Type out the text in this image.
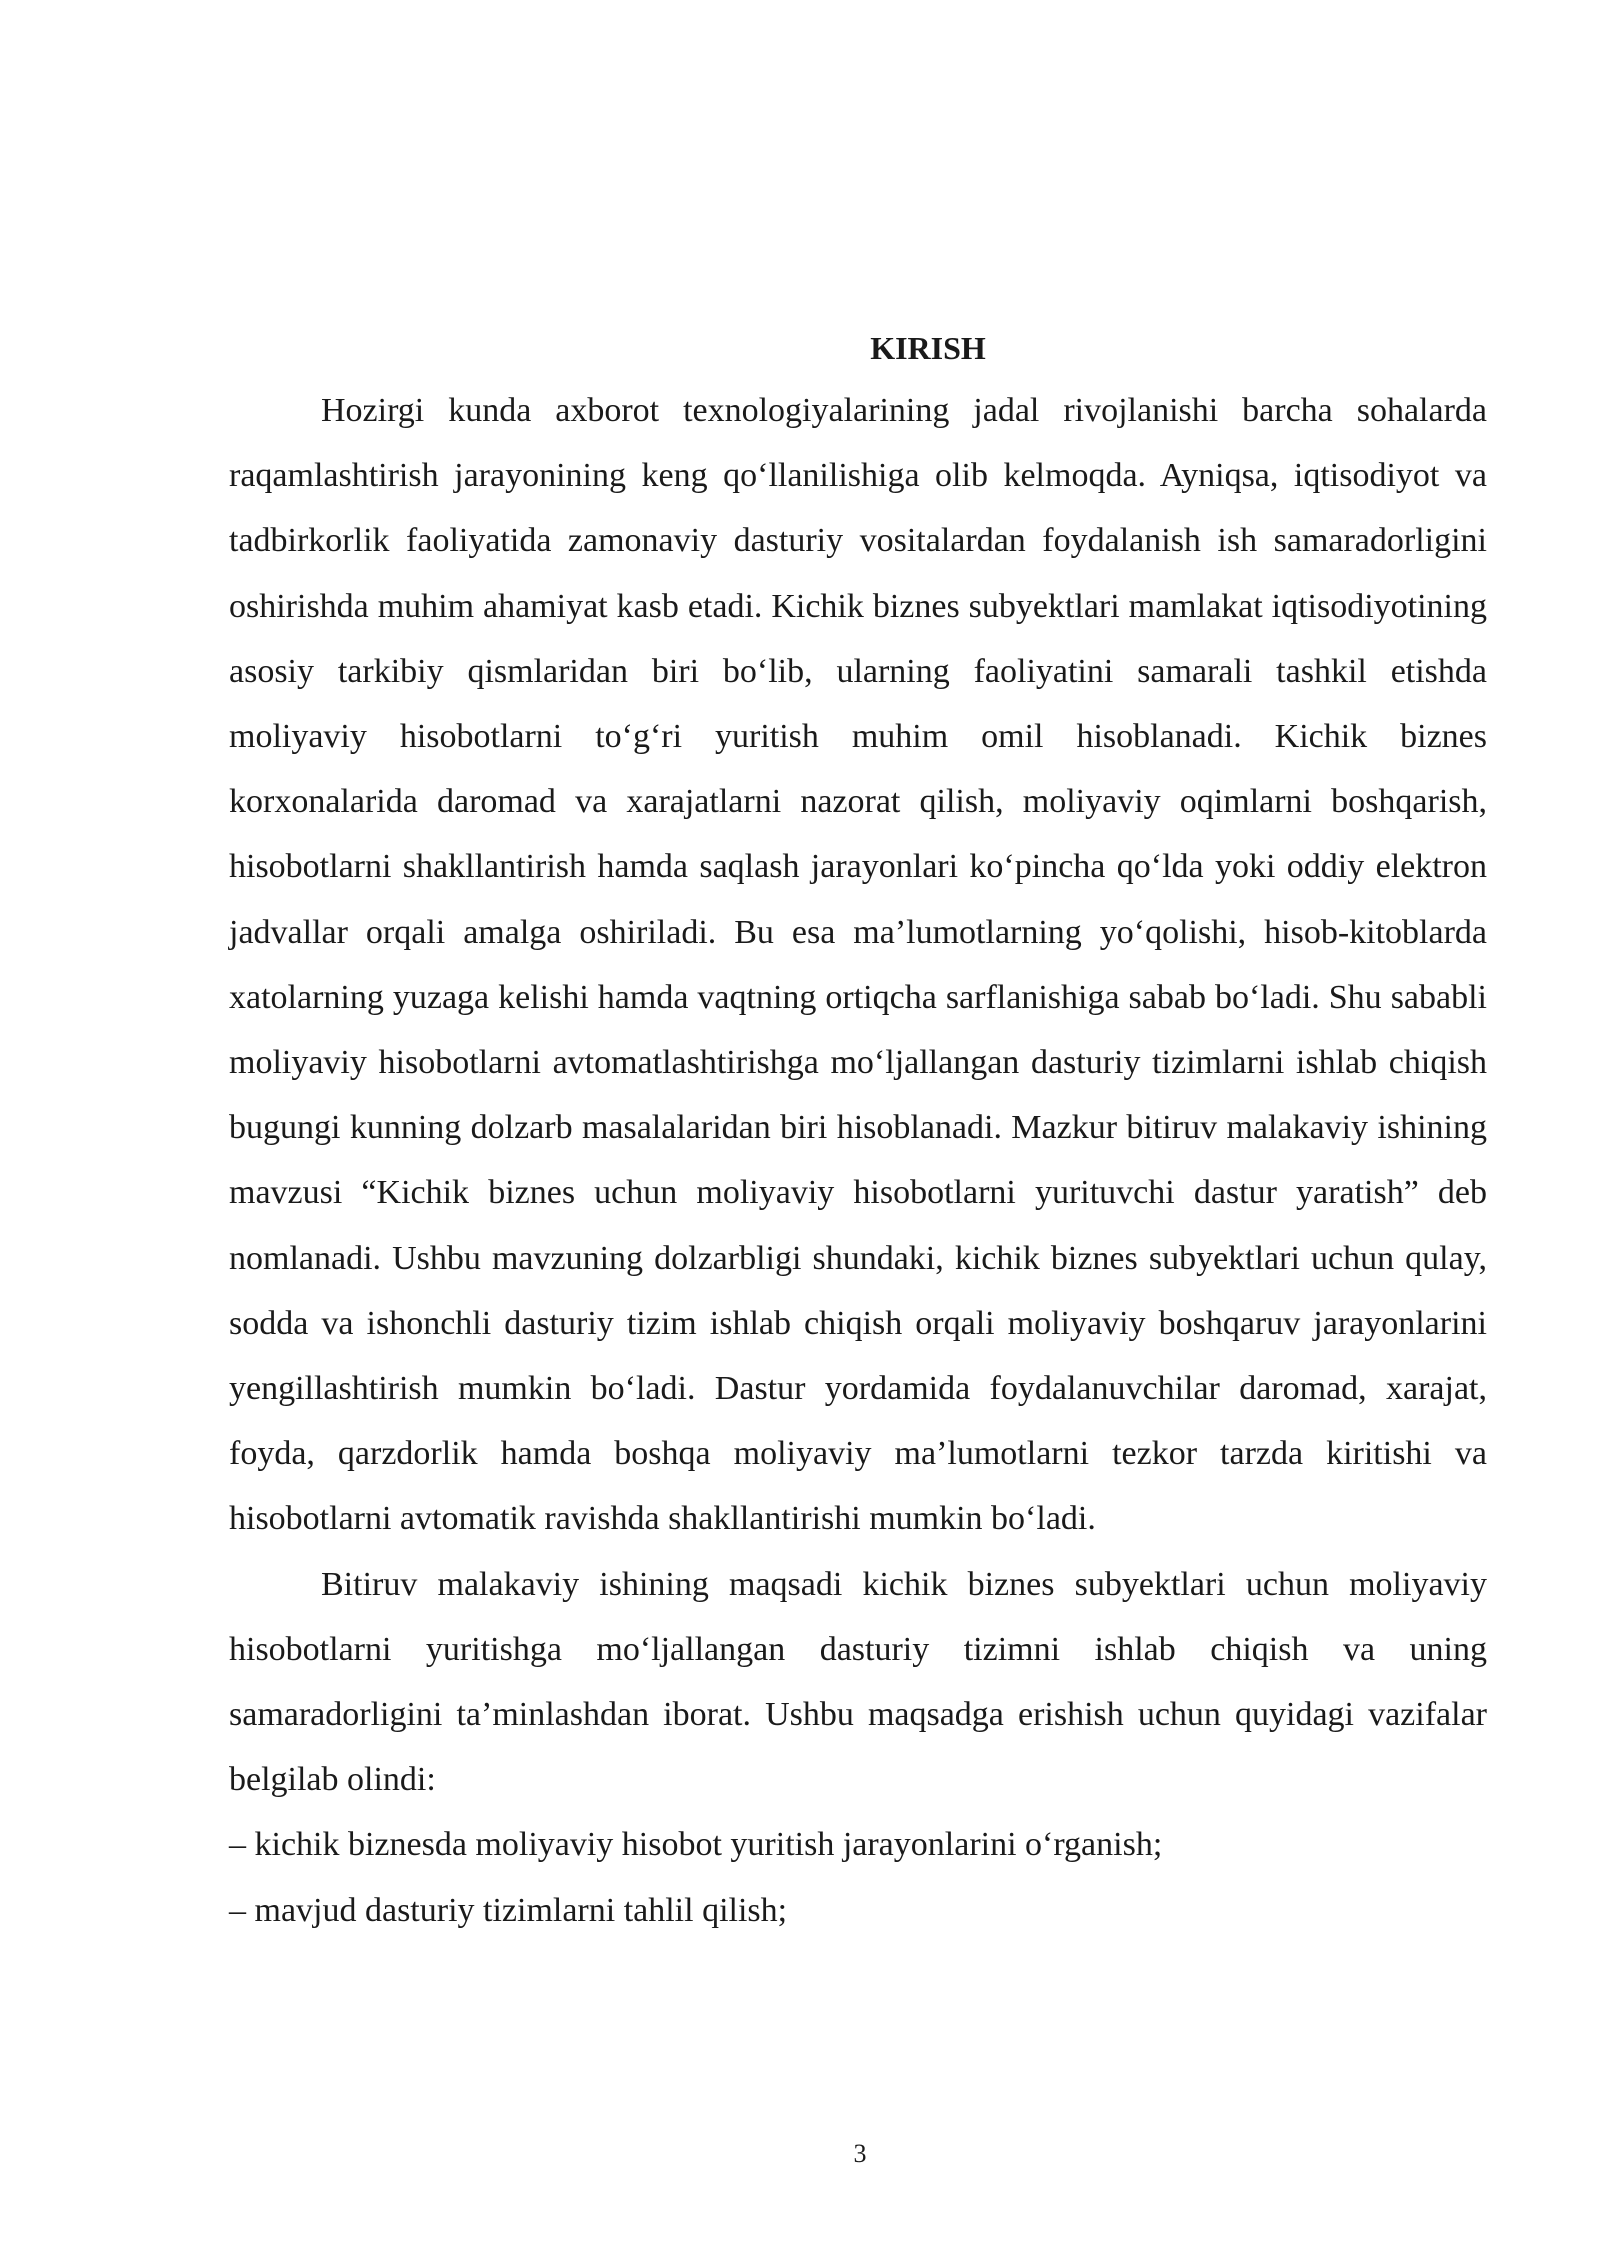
KIRISH

Hozirgi kunda axborot texnologiyalarining jadal rivojlanishi barcha sohalarda raqamlashtirish jarayonining keng qo‘llanilishiga olib kelmoqda. Ayniqsa, iqtisodiyot va tadbirkorlik faoliyatida zamonaviy dasturiy vositalardan foydalanish ish samaradorligini oshirishda muhim ahamiyat kasb etadi. Kichik biznes subyektlari mamlakat iqtisodiyotining asosiy tarkibiy qismlaridan biri bo‘lib, ularning faoliyatini samarali tashkil etishda moliyaviy hisobotlarni to‘g‘ri yuritish muhim omil hisoblanadi. Kichik biznes korxonalarida daromad va xarajatlarni nazorat qilish, moliyaviy oqimlarni boshqarish, hisobotlarni shakllantirish hamda saqlash jarayonlari ko‘pincha qo‘lda yoki oddiy elektron jadvallar orqali amalga oshiriladi. Bu esa ma’lumotlarning yo‘qolishi, hisob-kitoblarda xatolarning yuzaga kelishi hamda vaqtning ortiqcha sarflanishiga sabab bo‘ladi. Shu sababli moliyaviy hisobotlarni avtomatlashtirishga mo‘ljallangan dasturiy tizimlarni ishlab chiqish bugungi kunning dolzarb masalalaridan biri hisoblanadi. Mazkur bitiruv malakaviy ishining mavzusi “Kichik biznes uchun moliyaviy hisobotlarni yurituvchi dastur yaratish” deb nomlanadi. Ushbu mavzuning dolzarbligi shundaki, kichik biznes subyektlari uchun qulay, sodda va ishonchli dasturiy tizim ishlab chiqish orqali moliyaviy boshqaruv jarayonlarini yengillashtirish mumkin bo‘ladi. Dastur yordamida foydalanuvchilar daromad, xarajat, foyda, qarzdorlik hamda boshqa moliyaviy ma’lumotlarni tezkor tarzda kiritishi va hisobotlarni avtomatik ravishda shakllantirishi mumkin bo‘ladi.

Bitiruv malakaviy ishining maqsadi kichik biznes subyektlari uchun moliyaviy hisobotlarni yuritishga mo‘ljallangan dasturiy tizimni ishlab chiqish va uning samaradorligini ta’minlashdan iborat. Ushbu maqsadga erishish uchun quyidagi vazifalar belgilab olindi:

– kichik biznesda moliyaviy hisobot yuritish jarayonlarini o‘rganish;

– mavjud dasturiy tizimlarni tahlil qilish;

3
